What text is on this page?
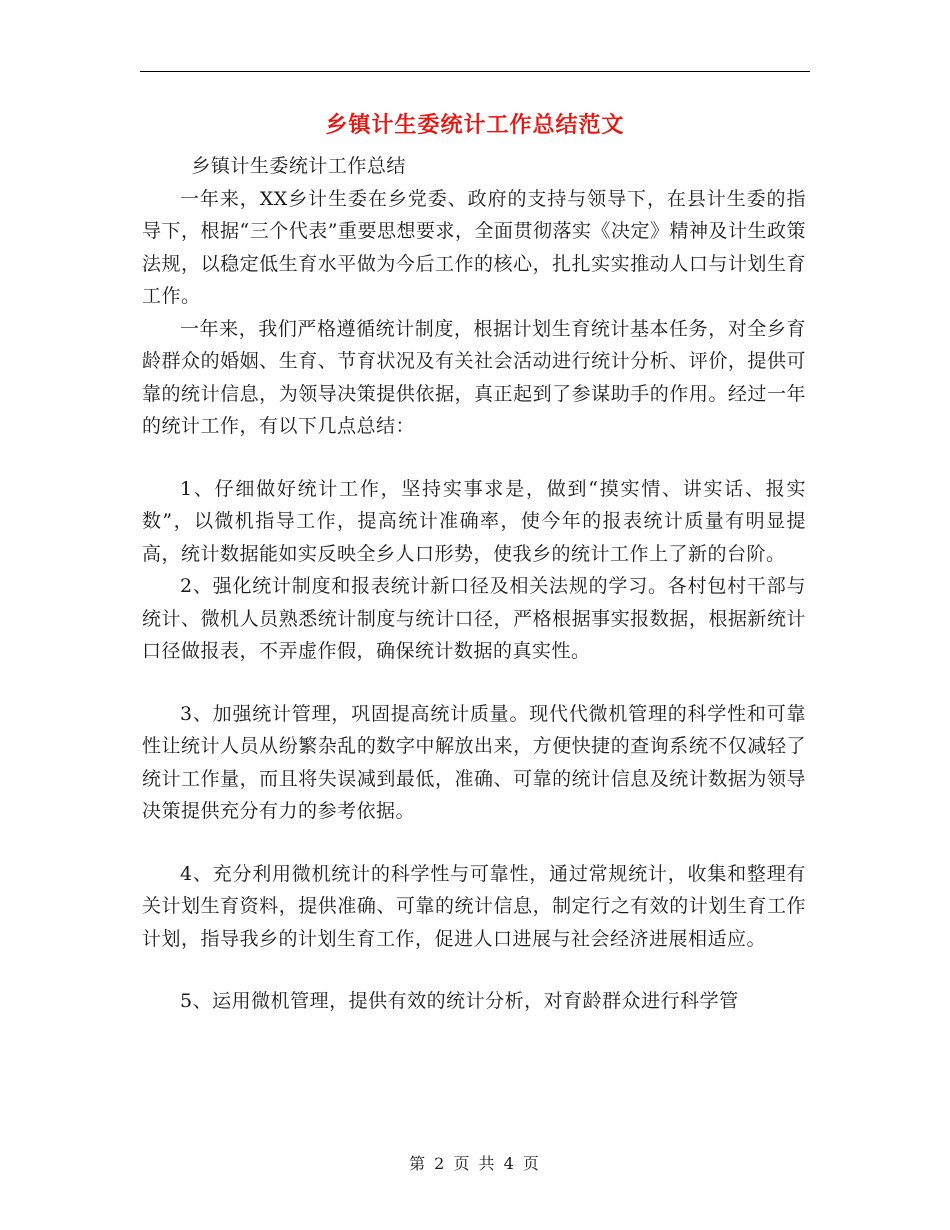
乡镇计生委统计工作总结范文

乡镇计生委统计工作总结

一年来，XX乡计生委在乡党委、政府的支持与领导下，在县计生委的指导下，根据“三个代表”重要思想要求，全面贯彻落实《决定》精神及计生政策法规，以稳定低生育水平做为今后工作的核心，扎扎实实推动人口与计划生育工作。

一年来，我们严格遵循统计制度，根据计划生育统计基本任务，对全乡育龄群众的婚姻、生育、节育状况及有关社会活动进行统计分析、评价，提供可靠的统计信息，为领导决策提供依据，真正起到了参谋助手的作用。经过一年的统计工作，有以下几点总结：

1、仔细做好统计工作，坚持实事求是，做到“摸实情、讲实话、报实数”，以微机指导工作，提高统计准确率，使今年的报表统计质量有明显提高，统计数据能如实反映全乡人口形势，使我乡的统计工作上了新的台阶。

2、强化统计制度和报表统计新口径及相关法规的学习。各村包村干部与统计、微机人员熟悉统计制度与统计口径，严格根据事实报数据，根据新统计口径做报表，不弄虚作假，确保统计数据的真实性。

3、加强统计管理，巩固提高统计质量。现代代微机管理的科学性和可靠性让统计人员从纷繁杂乱的数字中解放出来，方便快捷的查询系统不仅减轻了统计工作量，而且将失误减到最低，准确、可靠的统计信息及统计数据为领导决策提供充分有力的参考依据。

4、充分利用微机统计的科学性与可靠性，通过常规统计，收集和整理有关计划生育资料，提供准确、可靠的统计信息，制定行之有效的计划生育工作计划，指导我乡的计划生育工作，促进人口进展与社会经济进展相适应。

5、运用微机管理，提供有效的统计分析，对育龄群众进行科学管

第 2 页 共 4 页
